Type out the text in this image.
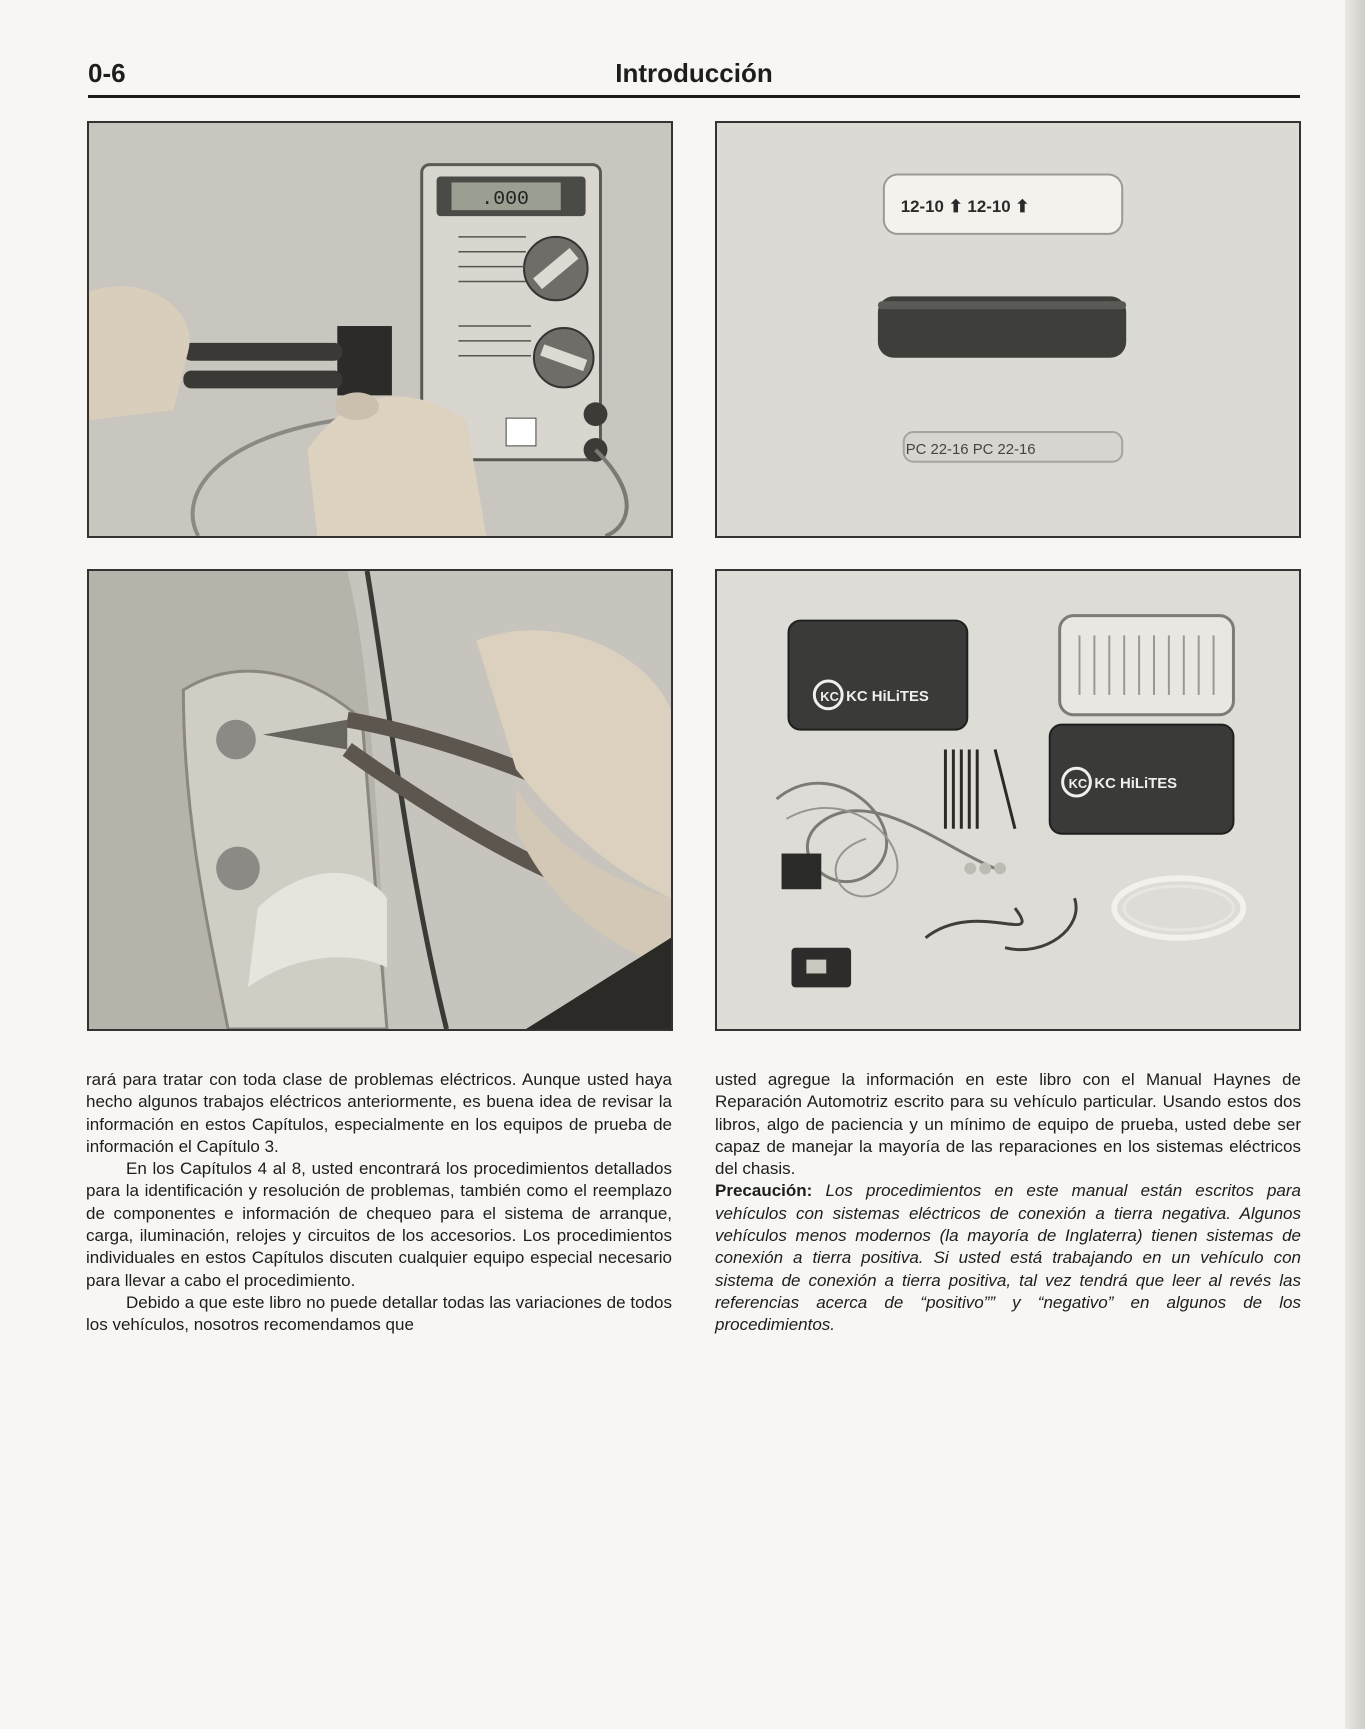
0-6	Introducción
.000	12-10 ⬆ 12-10 ⬆
PC 22-16 PC 22-16
KC KC HiLiTES
KC KC HiLiTES

rará para tratar con toda clase de problemas eléctricos. Aunque usted haya hecho algunos trabajos eléctricos anteriormente, es buena idea de revisar la información en estos Capítulos, especialmente en los equipos de prueba de información el Capítulo 3.

En los Capítulos 4 al 8, usted encontrará los procedimientos detallados para la identificación y resolución de problemas, también como el reemplazo de componentes e información de chequeo para el sistema de arranque, carga, iluminación, relojes y circuitos de los accesorios. Los procedimientos individuales en estos Capítulos discuten cualquier equipo especial necesario para llevar a cabo el procedimiento.

Debido a que este libro no puede detallar todas las variaciones de todos los vehículos, nosotros recomendamos que

usted agregue la información en este libro con el Manual Haynes de Reparación Automotriz escrito para su vehículo particular. Usando estos dos libros, algo de paciencia y un mínimo de equipo de prueba, usted debe ser capaz de manejar la mayoría de las reparaciones en los sistemas eléctricos del chasis.

Precaución: Los procedimientos en este manual están escritos para vehículos con sistemas eléctricos de conexión a tierra negativa. Algunos vehículos menos modernos (la mayoría de Inglaterra) tienen sistemas de conexión a tierra positiva. Si usted está trabajando en un vehículo con sistema de conexión a tierra positiva, tal vez tendrá que leer al revés las referencias acerca de “positivo”” y “negativo” en algunos de los procedimientos.
